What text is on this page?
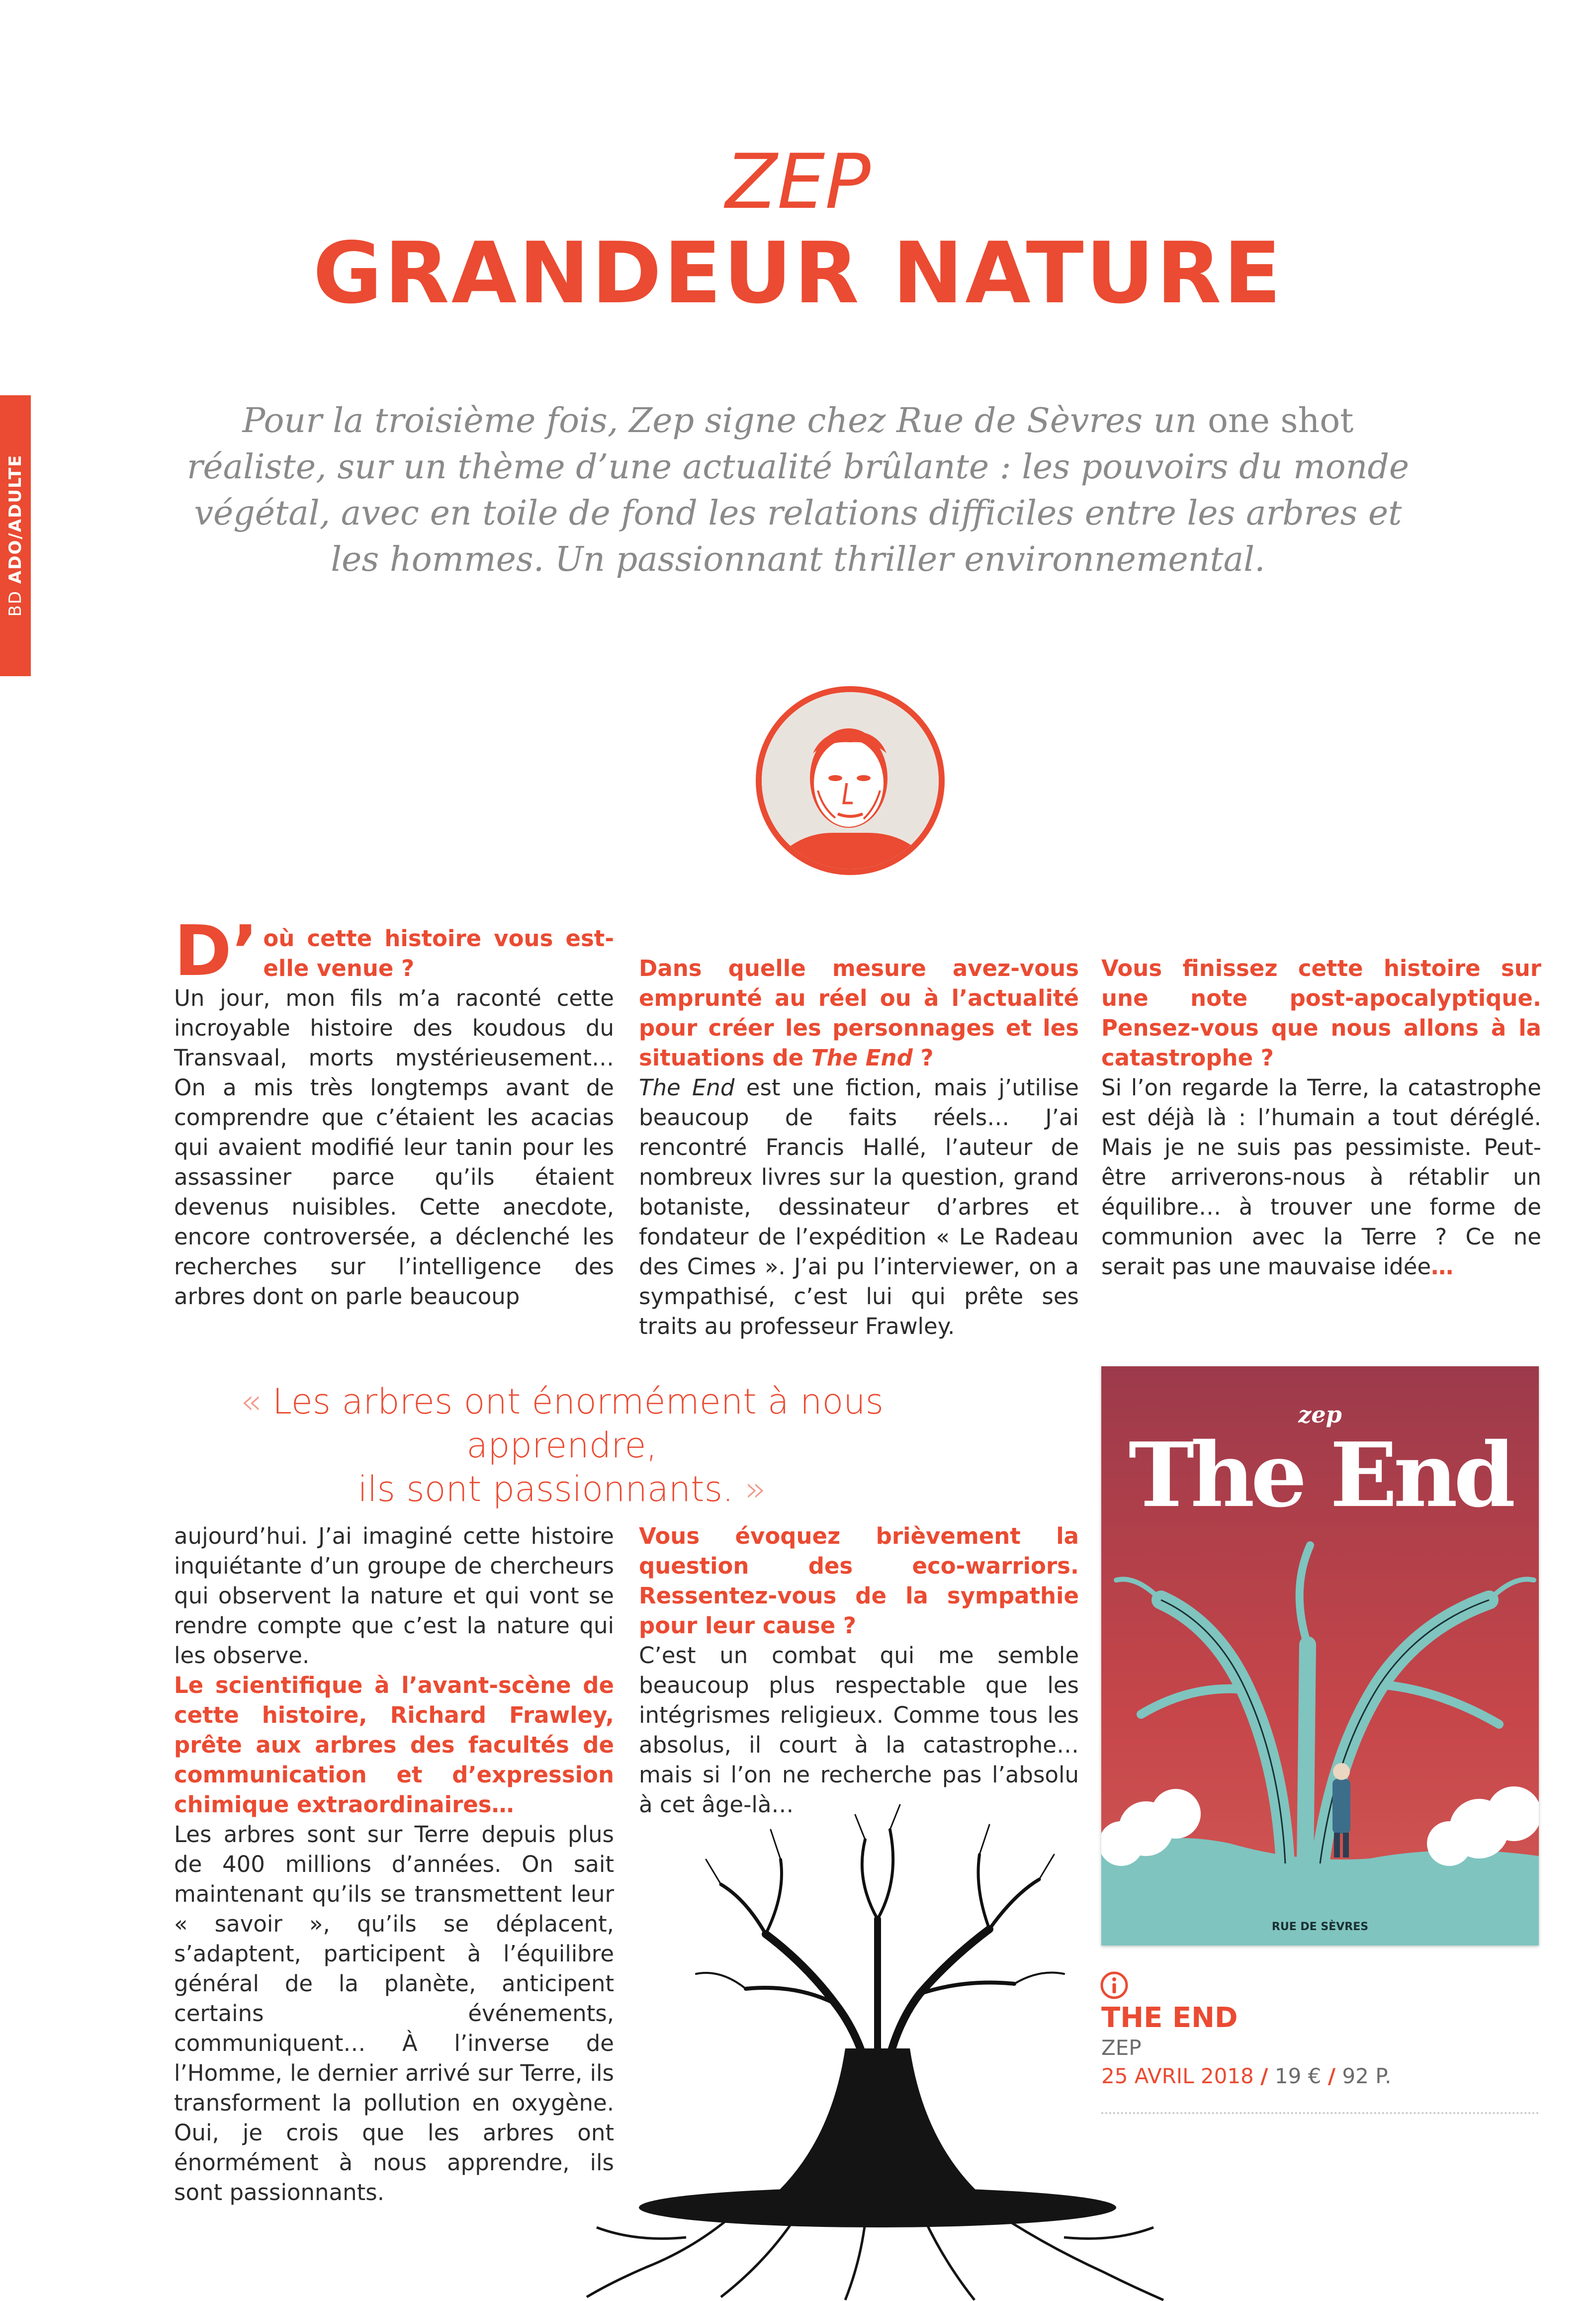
BD ADO/ADULTE
ZEP
GRANDEUR NATURE

Pour la troisième fois, Zep signe chez Rue de Sèvres un one shot réaliste, sur un thème d’une actualité brûlante : les pouvoirs du monde végétal, avec en toile de fond les relations difficiles entre les arbres et les hommes. Un passionnant thriller environnemental.

D’ où cette histoire vous est-elle venue ?

Un jour, mon fils m’a raconté cette incroyable histoire des koudous du Transvaal, morts mystérieusement… On a mis très longtemps avant de comprendre que c’étaient les acacias qui avaient modifié leur tanin pour les assassiner parce qu’ils étaient devenus nuisibles. Cette anecdote, encore controversée, a déclenché les recherches sur l’intelligence des arbres dont on parle beaucoup

Dans quelle mesure avez-vous emprunté au réel ou à l’actualité pour créer les personnages et les situations de The End ?

The End est une fiction, mais j’utilise beaucoup de faits réels… J’ai rencontré Francis Hallé, l’auteur de nombreux livres sur la question, grand botaniste, dessinateur d’arbres et fondateur de l’expédition « Le Radeau des Cimes ». J’ai pu l’interviewer, on a sympathisé, c’est lui qui prête ses traits au professeur Frawley.

Vous finissez cette histoire sur une note post-apocalyptique. Pensez-vous que nous allons à la catastrophe ?

Si l’on regarde la Terre, la catastrophe est déjà là : l’humain a tout déréglé. Mais je ne suis pas pessimiste. Peut-être arriverons-nous à rétablir un équilibre… à trouver une forme de communion avec la Terre ? Ce ne serait pas une mauvaise idée…

« Les arbres ont énormément à nous apprendre,
ils sont passionnants. »

aujourd’hui. J’ai imaginé cette histoire inquiétante d’un groupe de chercheurs qui observent la nature et qui vont se rendre compte que c’est la nature qui les observe.

Le scientifique à l’avant-scène de cette histoire, Richard Frawley, prête aux arbres des facultés de communication et d’expression chimique extraordinaires…

Les arbres sont sur Terre depuis plus de 400 millions d’années. On sait maintenant qu’ils se transmettent leur « savoir », qu’ils se déplacent, s’adaptent, participent à l’équilibre général de la planète, anticipent certains événements, communiquent… À l’inverse de l’Homme, le dernier arrivé sur Terre, ils transforment la pollution en oxygène. Oui, je crois que les arbres ont énormément à nous apprendre, ils sont passionnants.

Vous évoquez brièvement la question des eco-warriors. Ressentez-vous de la sympathie pour leur cause ?

C’est un combat qui me semble beaucoup plus respectable que les intégrismes religieux. Comme tous les absolus, il court à la catastrophe… mais si l’on ne recherche pas l’absolu à cet âge-là…

zep
The End
RUE DE SÈVRES
THE END
ZEP
25 AVRIL 2018 / 19 € / 92 P.
